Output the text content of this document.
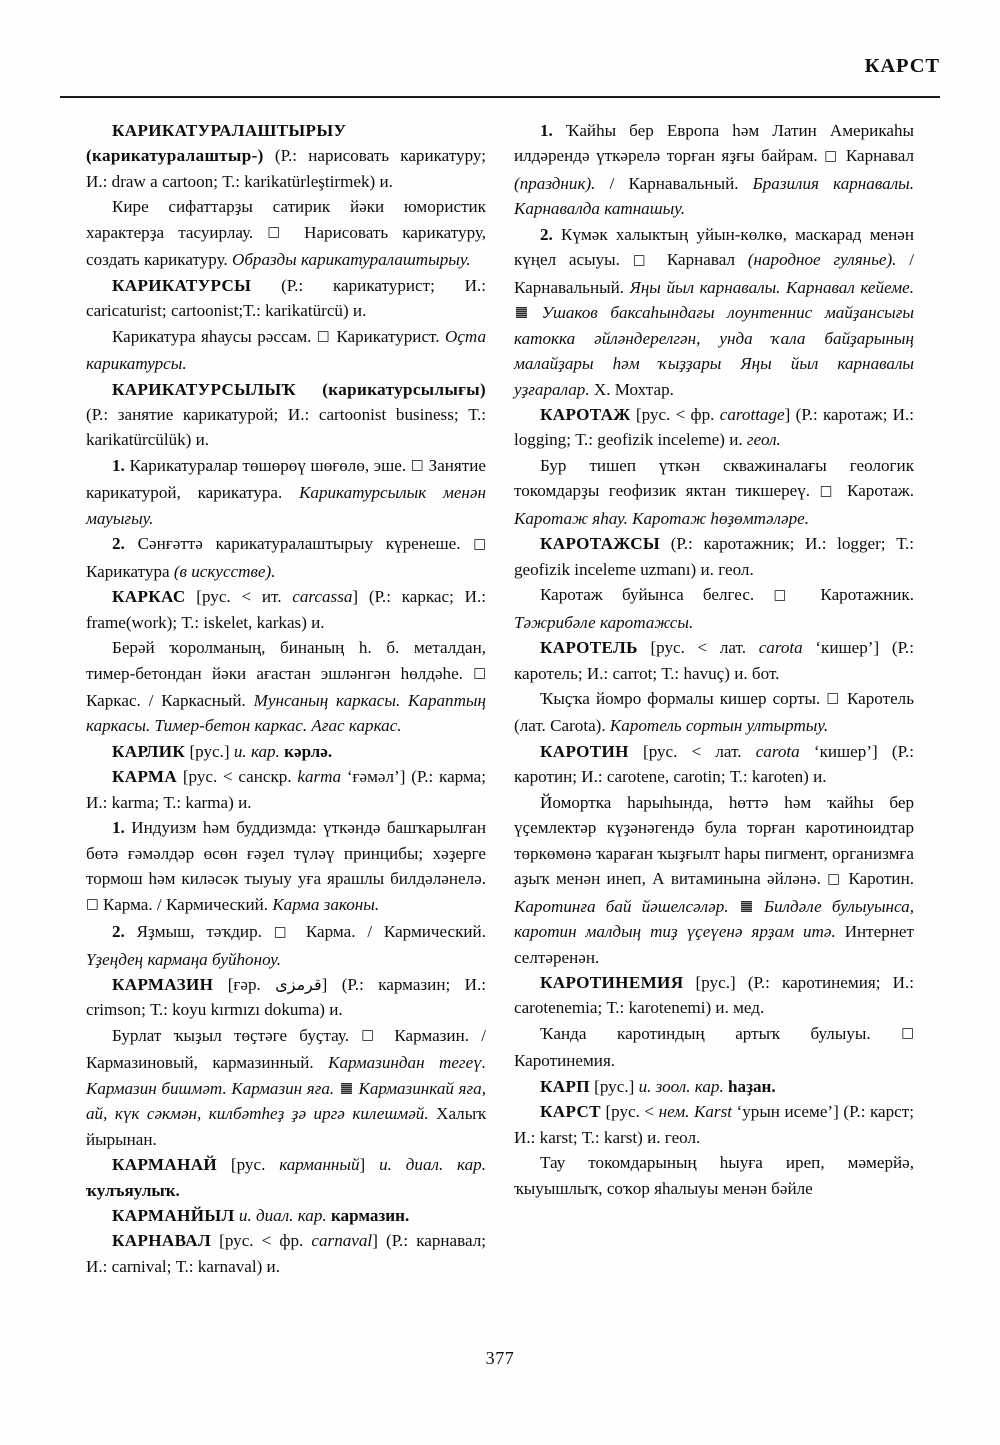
КАРСТ

КАРИКАТУРАЛАШТЫРЫУ (карикатуралаштыр-) (Р.: нарисовать карикатуру; И.: draw a cartoon; Т.: karikatürleştirmek) и.

Кире сифаттарҙы сатирик йәки юмористик характерҙа тасуирлау. □ Нарисовать карикатуру, создать карикатуру. Образды карикатуралаштырыу.

КАРИКАТУРСЫ (Р.: карикатурист; И.: caricaturist; cartoonist;Т.: karikatürcü) и.

Карикатура яһаусы рәссам. □ Карикатурист. Оҫта карикатурсы.

КАРИКАТУРСЫЛЫҠ (карикатурсылығы) (Р.: занятие карикатурой; И.: cartoonist business; Т.: karikatürcülük) и.

1. Карикатуралар төшөрөү шөғөлө, эше. □ Занятие карикатурой, карикатура. Карикатурсылык менән мауығыу.

2. Сәнғәттә карикатуралаштырыу күренеше. □ Карикатура (в искусстве).

КАРКАС [рус. < ит. carcassa] (Р.: каркас; И.: frame(work); Т.: iskelet, karkas) и.

Берәй ҡоролманың, бинаның һ. б. металдан, тимер-бетондан йәки ағастан эшләнгән һөлдәһе. □ Каркас. / Каркасный. Мунсаның каркасы. Караптың каркасы. Тимер-бетон каркас. Ағас каркас.

КАРЛИК [рус.] и. кар. кәрлә.

КАРМА [рус. < санскр. karma ‘ғәмәл’] (Р.: карма; И.: karma; Т.: karma) и.

1. Индуизм һәм буддизмда: үткәндә башҡарылған бөтә ғәмәлдәр өсөн ғәҙел түләү принцибы; хәҙерге тормош һәм киләсәк тыуыу уға ярашлы билдәләнелә. □ Карма. / Кармический. Карма законы.

2. Яҙмыш, тәҡдир. □ Карма. / Кармический. Үҙеңдең кармаңа буйһоноу.

КАРМАЗИН [ғәр. قرمزى] (Р.: кармазин; И.: crimson; Т.: koyu kırmızı dokuma) и.

Бурлат ҡыҙыл төҫтәге буҫтау. □ Кармазин. / Кармазиновый, кармазинный. Кармазиндан тегеү. Кармазин бишмәт. Кармазин яға. Кармазинкай яға, ай, күк сәкмән, килбәтһеҙ ҙә иргә килешмәй. Халыҡ йырынан.

КАРМАНАЙ [рус. карманный] и. диал. кар. ҡулъяулыҡ.

КАРМАНЙЫЛ и. диал. кар. кармазин.

КАРНАВАЛ [рус. < фр. carnaval] (Р.: карнавал; И.: carnival; Т.: karnaval) и.

1. Ҡайһы бер Европа һәм Латин Америкаһы илдәрендә үткәрелә торған яҙғы байрам. □ Карнавал (праздник). / Карнавальный. Бразилия карнавалы. Карнавалда катнашыу.

2. Күмәк халыктың уйын-көлкө, маскарад менән күңел асыуы. □ Карнавал (народное гулянье). / Карнавальный. Яңы йыл карнавалы. Карнавал кейеме.  Ушаков баксаһындағы лоунтеннис майҙансығы катокка әйләндерелгән, унда ҡала байҙарының малайҙары һәм ҡыҙҙары Яңы йыл карнавалы уҙғаралар. X. Мохтар.

КАРОТАЖ [рус. < фр. carottage] (Р.: каротаж; И.: logging; Т.: geofizik inceleme) и. геол.

Бур тишеп үткән скважиналағы геологик токомдарҙы геофизик яктан тикшереү. □ Каротаж. Каротаж яһау. Каротаж һөҙөмтәләре.

КАРОТАЖСЫ (Р.: каротажник; И.: logger; Т.: geofizik inceleme uzmanı) и. геол.

Каротаж буйынса белгес. □ Каротажник. Тәжрибәле каротажсы.

КАРОТЕЛЬ [рус. < лат. carota ‘кишер’] (Р.: каротель; И.: carrot; Т.: havuç) и. бот.

Ҡыҫҡа йомро формалы кишер сорты. □ Каротель (лат. Carota). Каротель сортын ултыртыу.

КАРОТИН [рус. < лат. carota ‘кишер’] (Р.: каротин; И.: carotene, carotin; Т.: karoten) и.

Йомортка һарыһында, һөттә һәм ҡайһы бер үҫемлектәр күҙәнәгендә була торған каротиноидтар төркөмөнә ҡараған ҡыҙғылт һары пигмент, организмға аҙыҡ менән инеп, А витаминына әйләнә. □ Каротин. Каротинға бай йәшелсәләр. Билдәле булыуынса, каротин малдың тиҙ үҫеүенә ярҙам итә. Интернет селтәренән.

КАРОТИНЕМИЯ [рус.] (Р.: каротинемия; И.: carotenemia; Т.: karotenemi) и. мед.

Ҡанда каротиндың артыҡ булыуы. □ Каротинемия.

КАРП [рус.] и. зоол. кар. һаҙан.

КАРСТ [рус. < нем. Karst ‘урын исеме’] (Р.: карст; И.: karst; Т.: karst) и. геол.

Тау токомдарының һыуға иреп, мәмерйә, ҡыуышлыҡ, соҡор яһалыуы менән бәйле

377
